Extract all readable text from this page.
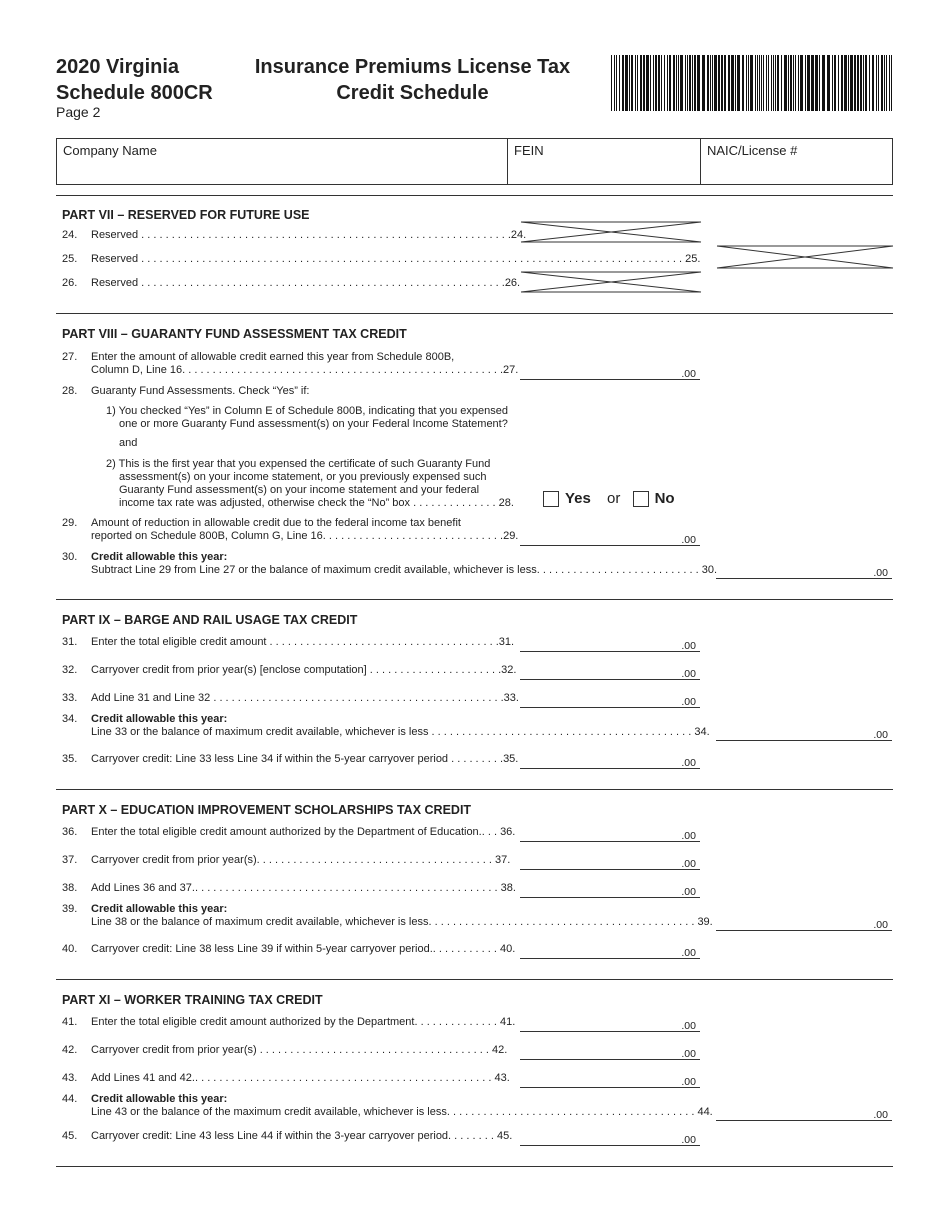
2020 Virginia
Schedule 800CR
Page 2
Insurance Premiums License Tax
Credit Schedule
Company Name	FEIN	NAIC/License #
PART VII – RESERVED FOR FUTURE USE
24.	Reserved . . . . . . . . . . . . . . . . . . . . . . . . . . . . . . . . . . . . . . . . . . . . . . . . . . . . . . . . . . . . .24.
25.	Reserved . . . . . . . . . . . . . . . . . . . . . . . . . . . . . . . . . . . . . . . . . . . . . . . . . . . . . . . . . . . . . . . . . . . . . . . . . . . . . . . . . . . . . . . . . 25.
26.	Reserved . . . . . . . . . . . . . . . . . . . . . . . . . . . . . . . . . . . . . . . . . . . . . . . . . . . . . . . . . . . .26.
PART VIII – GUARANTY FUND ASSESSMENT TAX CREDIT
27.	Enter the amount of allowable credit earned this year from Schedule 800B,
Column D, Line 16. . . . . . . . . . . . . . . . . . . . . . . . . . . . . . . . . . . . . . . . . . . . . . . . . . . . .27.	.00
28.	Guaranty Fund Assessments. Check “Yes” if:
1) You checked “Yes” in Column E of Schedule 800B, indicating that you expensed
one or more Guaranty Fund assessment(s) on your Federal Income Statement?
and
2) This is the first year that you expensed the certificate of such Guaranty Fund
assessment(s) on your income statement, or you previously expensed such
Guaranty Fund assessment(s) on your income statement and your federal
income tax rate was adjusted, otherwise check the “No” box . . . . . . . . . . . . . . 28.	Yes or No
29.	Amount of reduction in allowable credit due to the federal income tax benefit
reported on Schedule 800B, Column G, Line 16. . . . . . . . . . . . . . . . . . . . . . . . . . . . . .29.	.00
30.	Credit allowable this year:
Subtract Line 29 from Line 27 or the balance of maximum credit available, whichever is less. . . . . . . . . . . . . . . . . . . . . . . . . . . 30.	.00
PART IX – BARGE AND RAIL USAGE TAX CREDIT
31.	Enter the total eligible credit amount . . . . . . . . . . . . . . . . . . . . . . . . . . . . . . . . . . . . . .31.	.00
32.	Carryover credit from prior year(s) [enclose computation] . . . . . . . . . . . . . . . . . . . . . .32.	.00
33.	Add Line 31 and Line 32 . . . . . . . . . . . . . . . . . . . . . . . . . . . . . . . . . . . . . . . . . . . . . . . .33.	.00
34.	Credit allowable this year:
Line 33 or the balance of maximum credit available, whichever is less . . . . . . . . . . . . . . . . . . . . . . . . . . . . . . . . . . . . . . . . . . . 34.	.00
35.	Carryover credit: Line 33 less Line 34 if within the 5-year carryover period . . . . . . . . .35.	.00
PART X – EDUCATION IMPROVEMENT SCHOLARSHIPS TAX CREDIT
36.	Enter the total eligible credit amount authorized by the Department of Education.. . . 36.	.00
37.	Carryover credit from prior year(s). . . . . . . . . . . . . . . . . . . . . . . . . . . . . . . . . . . . . . . 37.	.00
38.	Add Lines 36 and 37.. . . . . . . . . . . . . . . . . . . . . . . . . . . . . . . . . . . . . . . . . . . . . . . . . . 38.	.00
39.	Credit allowable this year:
Line 38 or the balance of maximum credit available, whichever is less. . . . . . . . . . . . . . . . . . . . . . . . . . . . . . . . . . . . . . . . . . . . 39.	.00
40.	Carryover credit: Line 38 less Line 39 if within 5-year carryover period.. . . . . . . . . . . 40.	.00
PART XI – WORKER TRAINING TAX CREDIT
41.	Enter the total eligible credit amount authorized by the Department. . . . . . . . . . . . . . 41.	.00
42.	Carryover credit from prior year(s) . . . . . . . . . . . . . . . . . . . . . . . . . . . . . . . . . . . . . . 42.	.00
43.	Add Lines 41 and 42.. . . . . . . . . . . . . . . . . . . . . . . . . . . . . . . . . . . . . . . . . . . . . . . . . 43.	.00
44.	Credit allowable this year:
Line 43 or the balance of the maximum credit available, whichever is less. . . . . . . . . . . . . . . . . . . . . . . . . . . . . . . . . . . . . . . . . 44.	.00
45.	Carryover credit: Line 43 less Line 44 if within the 3-year carryover period. . . . . . . . 45.	.00
